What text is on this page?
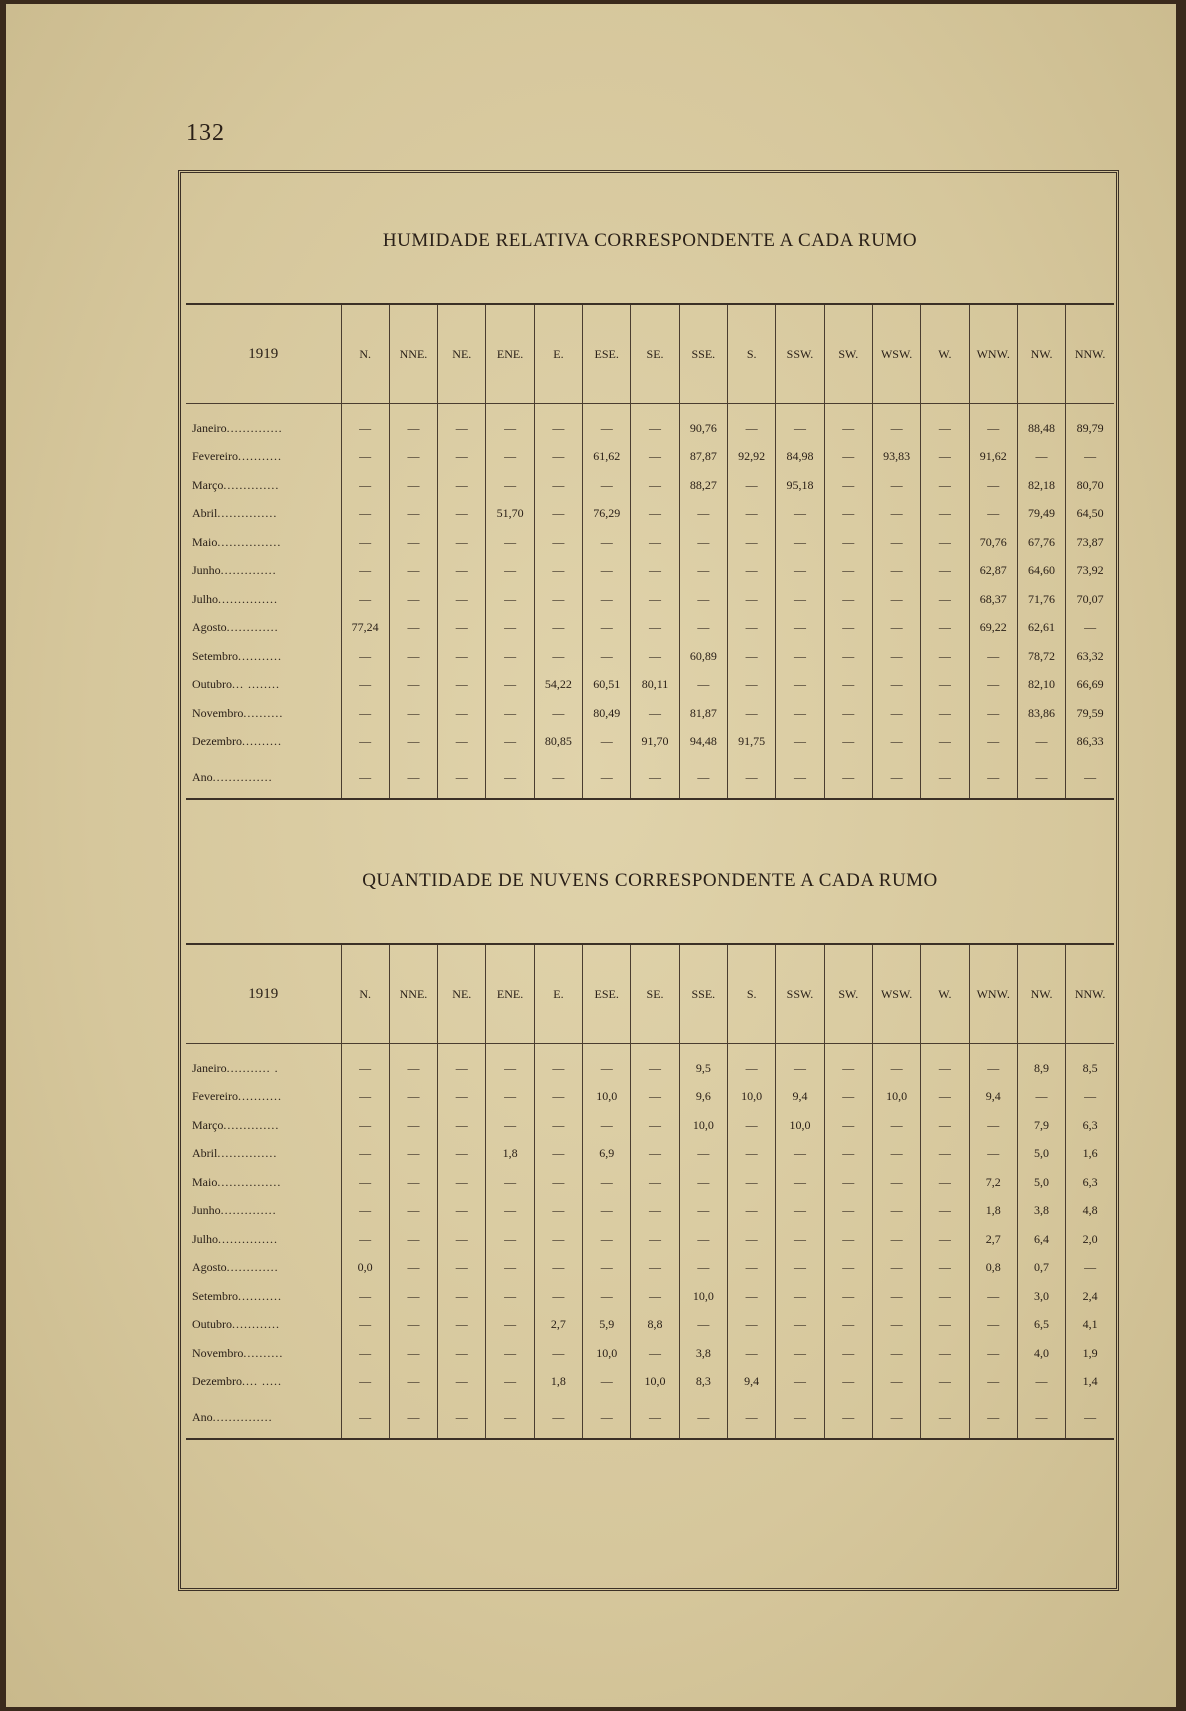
132
HUMIDADE RELATIVA CORRESPONDENTE A CADA RUMO
1919	N.	NNE.	NE.	ENE.	E.	ESE.	SE.	SSE.	S.	SSW.	SW.	WSW.	W.	WNW.	NW.	NNW.
Janeiro..............	—	—	—	—	—	—	—	90,76	—	—	—	—	—	—	88,48	89,79
Fevereiro...........	—	—	—	—	—	61,62	—	87,87	92,92	84,98	—	93,83	—	91,62	—	—
Março..............	—	—	—	—	—	—	—	88,27	—	95,18	—	—	—	—	82,18	80,70
Abril...............	—	—	—	51,70	—	76,29	—	—	—	—	—	—	—	—	79,49	64,50
Maio................	—	—	—	—	—	—	—	—	—	—	—	—	—	70,76	67,76	73,87
Junho..............	—	—	—	—	—	—	—	—	—	—	—	—	—	62,87	64,60	73,92
Julho...............	—	—	—	—	—	—	—	—	—	—	—	—	—	68,37	71,76	70,07
Agosto.............	77,24	—	—	—	—	—	—	—	—	—	—	—	—	69,22	62,61	—
Setembro...........	—	—	—	—	—	—	—	60,89	—	—	—	—	—	—	78,72	63,32
Outubro... ........	—	—	—	—	54,22	60,51	80,11	—	—	—	—	—	—	—	82,10	66,69
Novembro..........	—	—	—	—	—	80,49	—	81,87	—	—	—	—	—	—	83,86	79,59
Dezembro..........	—	—	—	—	80,85	—	91,70	94,48	91,75	—	—	—	—	—	—	86,33
Ano...............	—	—	—	—	—	—	—	—	—	—	—	—	—	—	—	—
QUANTIDADE DE NUVENS CORRESPONDENTE A CADA RUMO
1919	N.	NNE.	NE.	ENE.	E.	ESE.	SE.	SSE.	S.	SSW.	SW.	WSW.	W.	WNW.	NW.	NNW.
Janeiro........... .	—	—	—	—	—	—	—	9,5	—	—	—	—	—	—	8,9	8,5
Fevereiro...........	—	—	—	—	—	10,0	—	9,6	10,0	9,4	—	10,0	—	9,4	—	—
Março..............	—	—	—	—	—	—	—	10,0	—	10,0	—	—	—	—	7,9	6,3
Abril...............	—	—	—	1,8	—	6,9	—	—	—	—	—	—	—	—	5,0	1,6
Maio................	—	—	—	—	—	—	—	—	—	—	—	—	—	7,2	5,0	6,3
Junho..............	—	—	—	—	—	—	—	—	—	—	—	—	—	1,8	3,8	4,8
Julho...............	—	—	—	—	—	—	—	—	—	—	—	—	—	2,7	6,4	2,0
Agosto.............	0,0	—	—	—	—	—	—	—	—	—	—	—	—	0,8	0,7	—
Setembro...........	—	—	—	—	—	—	—	10,0	—	—	—	—	—	—	3,0	2,4
Outubro............	—	—	—	—	2,7	5,9	8,8	—	—	—	—	—	—	—	6,5	4,1
Novembro..........	—	—	—	—	—	10,0	—	3,8	—	—	—	—	—	—	4,0	1,9
Dezembro.... .....	—	—	—	—	1,8	—	10,0	8,3	9,4	—	—	—	—	—	—	1,4
Ano...............	—	—	—	—	—	—	—	—	—	—	—	—	—	—	—	—
